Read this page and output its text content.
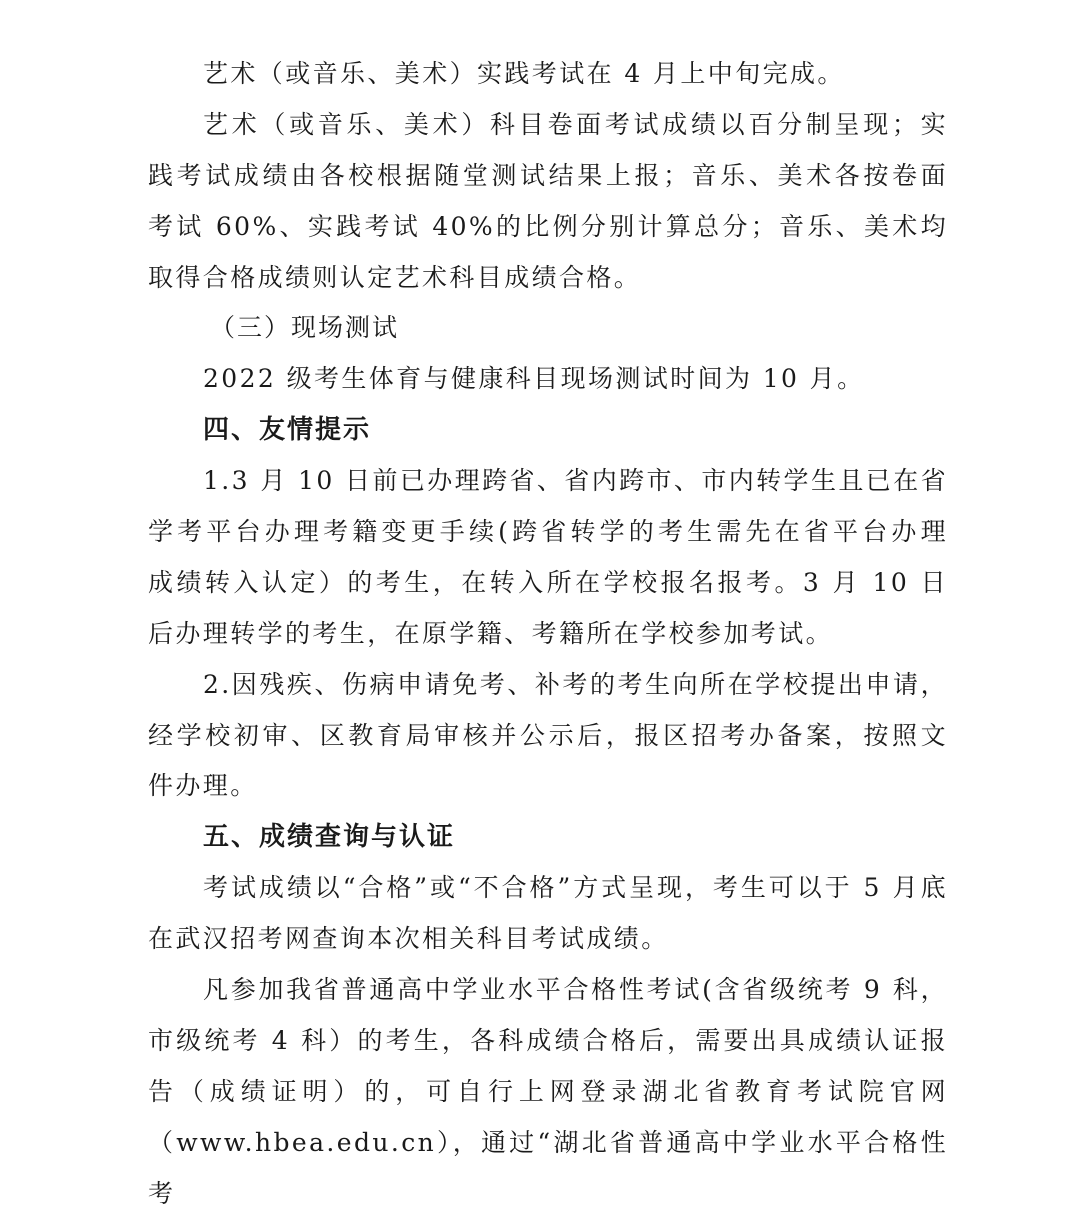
艺术（或音乐、美术）实践考试在 4 月上中旬完成。
艺术（或音乐、美术）科目卷面考试成绩以百分制呈现；实
践考试成绩由各校根据随堂测试结果上报；音乐、美术各按卷面
考试 60%、实践考试 40%的比例分别计算总分；音乐、美术均
取得合格成绩则认定艺术科目成绩合格。
（三）现场测试
2022 级考生体育与健康科目现场测试时间为 10 月。
四、友情提示
1.3 月 10 日前已办理跨省、省内跨市、市内转学生且已在省
学考平台办理考籍变更手续(跨省转学的考生需先在省平台办理
成绩转入认定）的考生，在转入所在学校报名报考。3 月 10 日
后办理转学的考生，在原学籍、考籍所在学校参加考试。
2.因残疾、伤病申请免考、补考的考生向所在学校提出申请，
经学校初审、区教育局审核并公示后，报区招考办备案，按照文
件办理。
五、成绩查询与认证
考试成绩以“合格”或“不合格”方式呈现，考生可以于 5 月底
在武汉招考网查询本次相关科目考试成绩。
凡参加我省普通高中学业水平合格性考试(含省级统考 9 科，
市级统考 4 科）的考生，各科成绩合格后，需要出具成绩认证报
告（成绩证明）的，可自行上网登录湖北省教育考试院官网
（www.hbea.edu.cn），通过“湖北省普通高中学业水平合格性考
